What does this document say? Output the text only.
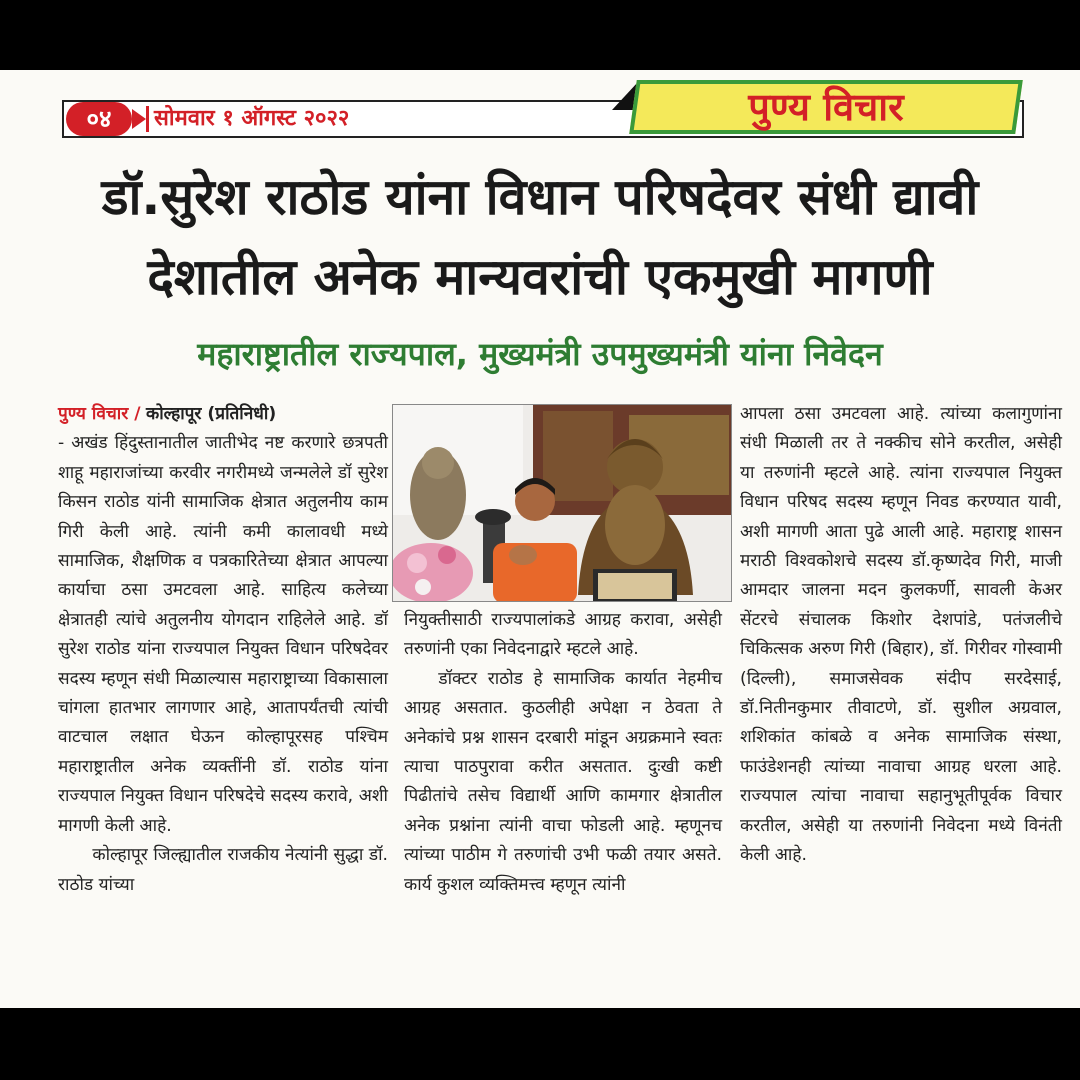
०४	सोमवार १ ऑगस्ट २०२२	पुण्य विचार
डॉ.सुरेश राठोड यांना विधान परिषदेवर संधी द्यावी
देशातील अनेक मान्यवरांची एकमुखी मागणी
महाराष्ट्रातील राज्यपाल, मुख्यमंत्री उपमुख्यमंत्री यांना निवेदन

पुण्य विचार / कोल्हापूर (प्रतिनिधी)

- अखंड हिंदुस्तानातील जातीभेद नष्ट करणारे छत्रपती शाहू महाराजांच्या करवीर नगरीमध्ये जन्मलेले डॉ सुरेश किसन राठोड यांनी सामाजिक क्षेत्रात अतुलनीय काम गिरी केली आहे. त्यांनी कमी कालावधी मध्ये सामाजिक, शैक्षणिक व पत्रकारितेच्या क्षेत्रात आपल्या कार्याचा ठसा उमटवला आहे. साहित्य कलेच्या क्षेत्रातही त्यांचे अतुलनीय योगदान राहिलेले आहे. डॉ सुरेश राठोड यांना राज्यपाल नियुक्त विधान परिषदेवर सदस्य म्हणून संधी मिळाल्यास महाराष्ट्राच्या विकासाला चांगला हातभार लागणार आहे, आतापर्यंतची त्यांची वाटचाल लक्षात घेऊन कोल्हापूरसह पश्चिम महाराष्ट्रातील अनेक व्यक्तींनी डॉ. राठोड यांना राज्यपाल नियुक्त विधान परिषदेचे सदस्य करावे, अशी मागणी केली आहे.

कोल्हापूर जिल्ह्यातील राजकीय नेत्यांनी सुद्धा डॉ. राठोड यांच्या

नियुक्तीसाठी राज्यपालांकडे आग्रह करावा, असेही तरुणांनी एका निवेदनाद्वारे म्हटले आहे.

डॉक्टर राठोड हे सामाजिक कार्यात नेहमीच आग्रह असतात. कुठलीही अपेक्षा न ठेवता ते अनेकांचे प्रश्न शासन दरबारी मांडून अग्रक्रमाने स्वतः त्याचा पाठपुरावा करीत असतात. दुःखी कष्टी पिढीतांचे तसेच विद्यार्थी आणि कामगार क्षेत्रातील अनेक प्रश्नांना त्यांनी वाचा फोडली आहे. म्हणूनच त्यांच्या पाठीम गे तरुणांची उभी फळी तयार असते. कार्य कुशल व्यक्तिमत्त्व म्हणून त्यांनी

आपला ठसा उमटवला आहे. त्यांच्या कलागुणांना संधी मिळाली तर ते नक्कीच सोने करतील, असेही या तरुणांनी म्हटले आहे. त्यांना राज्यपाल नियुक्त विधान परिषद सदस्य म्हणून निवड करण्यात यावी, अशी मागणी आता पुढे आली आहे. महाराष्ट्र शासन मराठी विश्वकोशचे सदस्य डॉ.कृष्णदेव गिरी, माजी आमदार जालना मदन कुलकर्णी, सावली केअर सेंटरचे संचालक किशोर देशपांडे, पतंजलीचे चिकित्सक अरुण गिरी (बिहार), डॉ. गिरीवर गोस्वामी (दिल्ली), समाजसेवक संदीप सरदेसाई, डॉ.नितीनकुमार तीवाटणे, डॉ. सुशील अग्रवाल, शशिकांत कांबळे व अनेक सामाजिक संस्था, फाउंडेशनही त्यांच्या नावाचा आग्रह धरला आहे. राज्यपाल त्यांचा नावाचा सहानुभूतीपूर्वक विचार करतील, असेही या तरुणांनी निवेदना मध्ये विनंती केली आहे.
